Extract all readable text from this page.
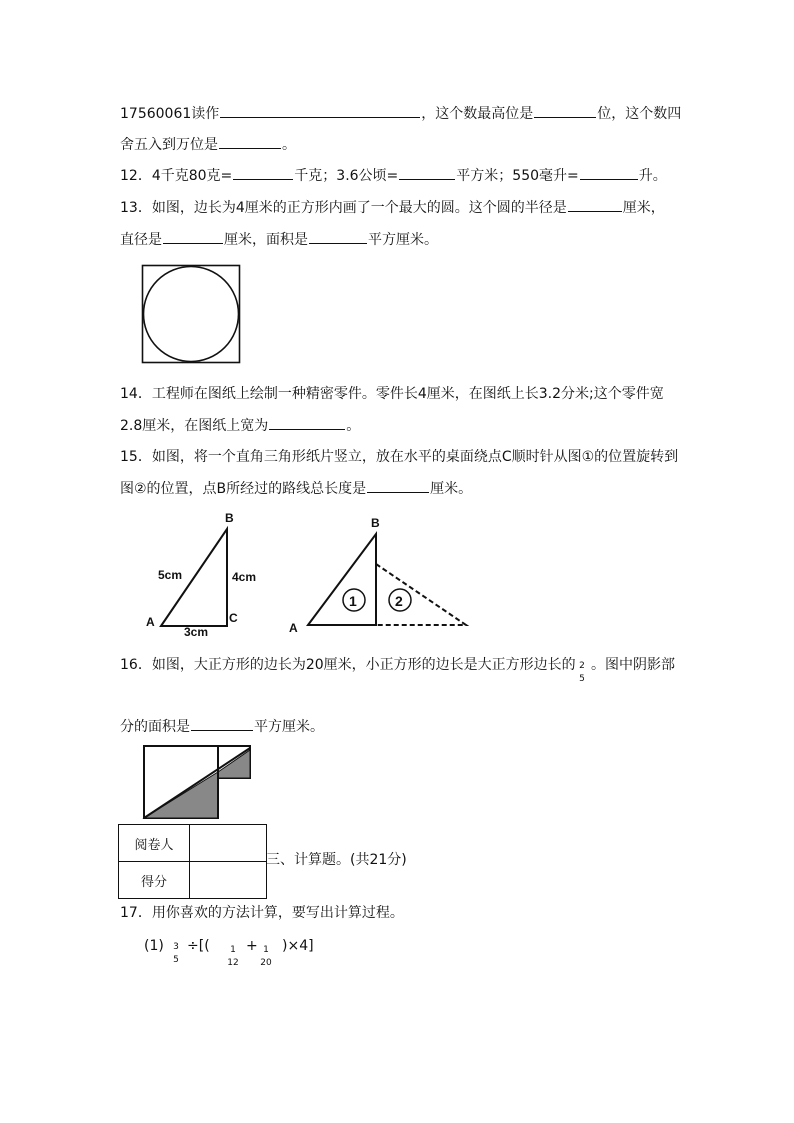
17560061读作	，这个数最高位是	位，这个数四
舍五入到万位是	。
12．4千克80克=	千克；3.6公顷=	平方米；550毫升=	升。
13．如图，边长为4厘米的正方形内画了一个最大的圆。这个圆的半径是	厘米，
直径是	厘米，面积是	平方厘米。
14．工程师在图纸上绘制一种精密零件。零件长4厘米，在图纸上长3.2分米;这个零件宽
2.8厘米，在图纸上宽为	。
15．如图，将一个直角三角形纸片竖立，放在水平的桌面绕点C顺时针从图①的位置旋转到
图②的位置，点B所经过的路线总长度是	厘米。
B
A	C
5cm	4cm
3cm
B
A
1	2
16．如图，大正方形的边长为20厘米，小正方形的边长是大正方形边长的 2
5
。图中阴影部
分的面积是	平方厘米。
阅卷人	
得分	
三、计算题。(共21分)
17．用你喜欢的方法计算，要写出计算过程。
(1)	3
5
÷[(	1
12
+ 1
20
)×4]
